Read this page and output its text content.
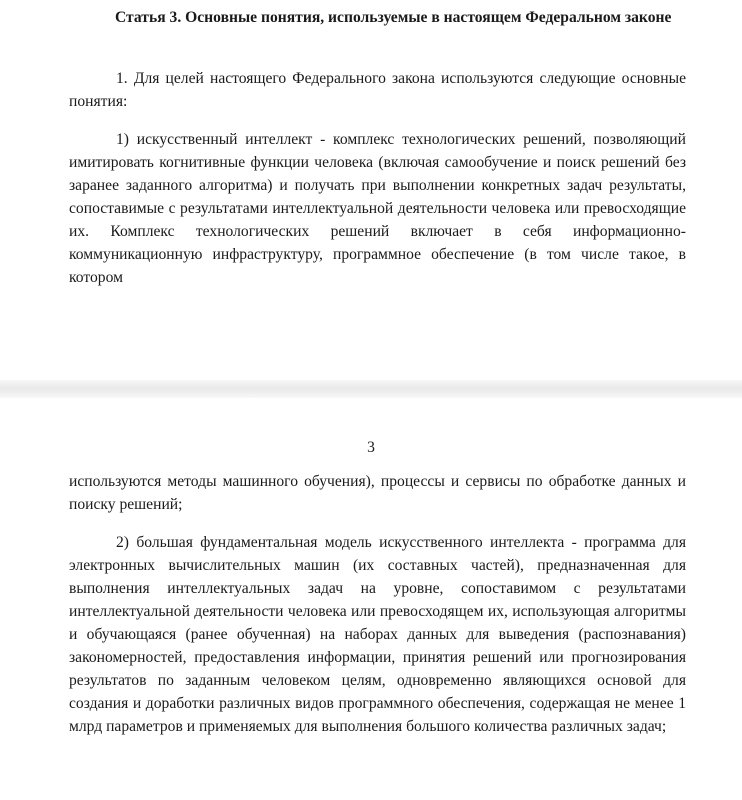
Статья 3. Основные понятия, используемые в настоящем Федеральном законе
1. Для целей настоящего Федерального закона используются следующие основные понятия:
1) искусственный интеллект - комплекс технологических решений, позволяющий имитировать когнитивные функции человека (включая самообучение и поиск решений без заранее заданного алгоритма) и получать при выполнении конкретных задач результаты, сопоставимые с результатами интеллектуальной деятельности человека или превосходящие их. Комплекс технологических решений включает в себя информационно-коммуникационную инфраструктуру, программное обеспечение (в том числе такое, в котором
3
используются методы машинного обучения), процессы и сервисы по обработке данных и поиску решений;
2) большая фундаментальная модель искусственного интеллекта - программа для электронных вычислительных машин (их составных частей), предназначенная для выполнения интеллектуальных задач на уровне, сопоставимом с результатами интеллектуальной деятельности человека или превосходящем их, использующая алгоритмы и обучающаяся (ранее обученная) на наборах данных для выведения (распознавания) закономерностей, предоставления информации, принятия решений или прогнозирования результатов по заданным человеком целям, одновременно являющихся основой для создания и доработки различных видов программного обеспечения, содержащая не менее 1 млрд параметров и применяемых для выполнения большого количества различных задач;
